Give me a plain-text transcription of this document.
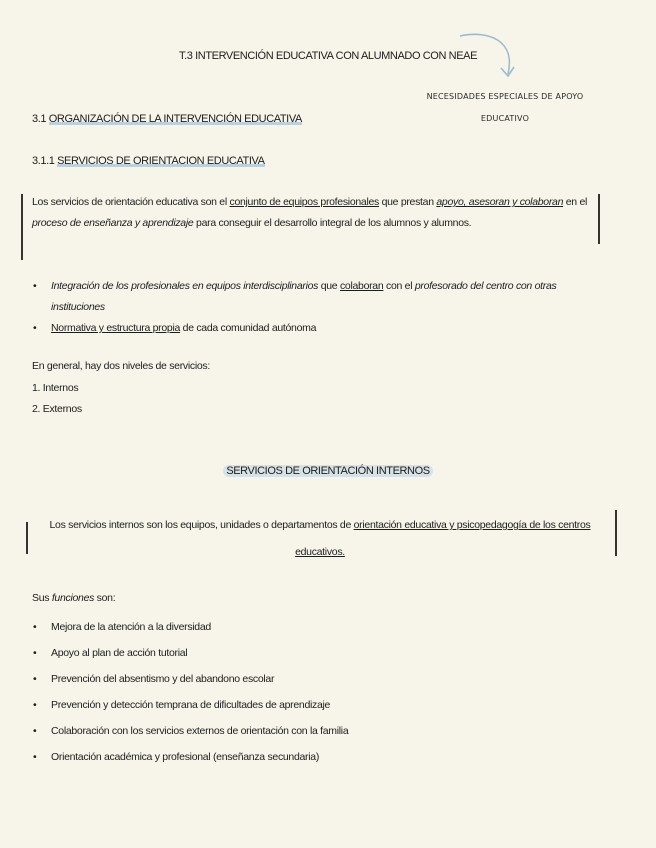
T.3 INTERVENCIÓN EDUCATIVA CON ALUMNADO CON NEAE
NECESIDADES ESPECIALES DE APOYO
EDUCATIVO
3.1 ORGANIZACIÓN DE LA INTERVENCIÓN EDUCATIVA
3.1.1 SERVICIOS DE ORIENTACION EDUCATIVA
Los servicios de orientación educativa son el conjunto de equipos profesionales que prestan apoyo, asesoran y colaboran en el proceso de enseñanza y aprendizaje para conseguir el desarrollo integral de los alumnos y alumnos.
• Integración de los profesionales en equipos interdisciplinarios que colaboran con el profesorado del centro con otras instituciones
• Normativa y estructura propia de cada comunidad autónoma
En general, hay dos niveles de servicios:
1. Internos
2. Externos
SERVICIOS DE ORIENTACIÓN INTERNOS
Los servicios internos son los equipos, unidades o departamentos de orientación educativa y psicopedagogía de los centros educativos.
Sus funciones son:
• Mejora de la atención a la diversidad
• Apoyo al plan de acción tutorial
• Prevención del absentismo y del abandono escolar
• Prevención y detección temprana de dificultades de aprendizaje
• Colaboración con los servicios externos de orientación con la familia
• Orientación académica y profesional (enseñanza secundaria)
